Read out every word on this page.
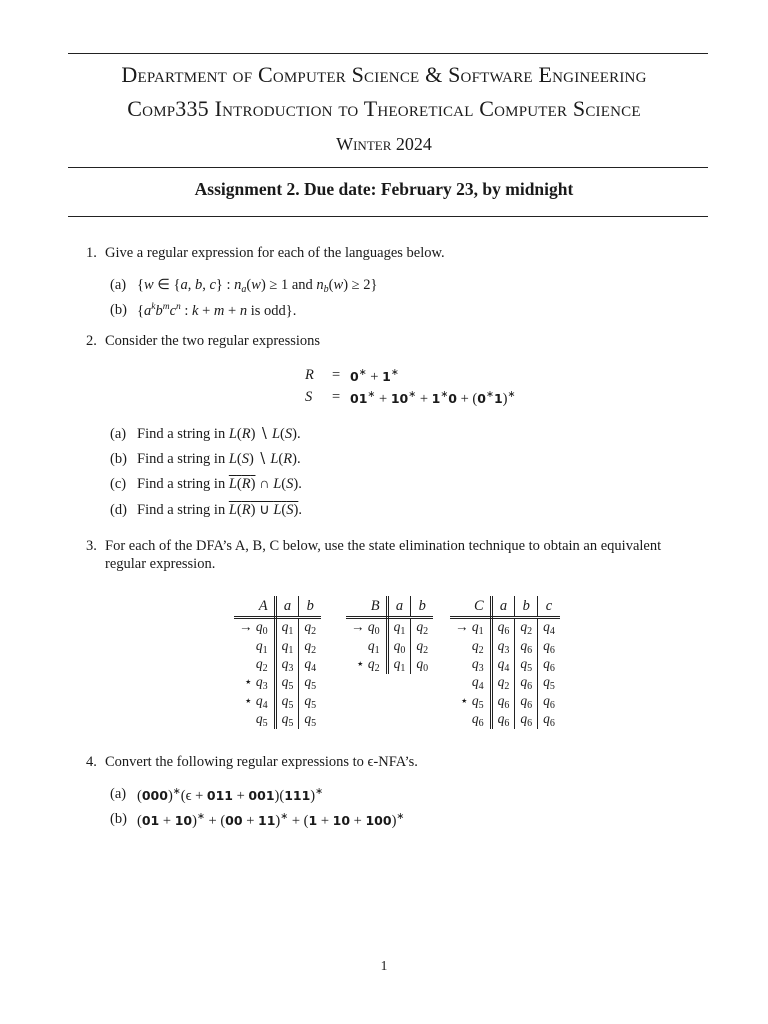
Department of Computer Science & Software Engineering
Comp335 Introduction to Theoretical Computer Science
Winter 2024
Assignment 2. Due date: February 23, by midnight
1. Give a regular expression for each of the languages below.
(a) {w ∈ {a, b, c} : $n_a(w) \ge 1$ and $n_b(w) \ge 2$}
(b) {$a^kb^mc^n$ : k + m + n is odd}.
2. Consider the two regular expressions
R = 0∗ + 1∗
S = 01∗ + 10∗ + 1∗0 + (0∗1)∗
(a) Find a string in L(R) ∖ L(S).
(b) Find a string in L(S) ∖ L(R).
(c) Find a string in L(R) ∩ L(S).
(d) Find a string in L(R) ∪ L(S).
3. For each of the DFA’s A, B, C below, use the state elimination technique to obtain an equivalent
regular expression.
A	a	b
→ $q_0$	$q_1$	$q_2$
$q_1$	$q_1$	$q_2$
$q_2$	$q_3$	$q_4$
⋆ $q_3$	$q_5$	$q_5$
⋆ $q_4$	$q_5$	$q_5$
$q_5$	$q_5$	$q_5$
B	a	b
→ $q_0$	$q_1$	$q_2$
$q_1$	$q_0$	$q_2$
⋆ $q_2$	$q_1$	$q_0$
C	a	b	c
→ $q_1$	$q_6$	$q_2$	$q_4$
$q_2$	$q_3$	$q_6$	$q_6$
$q_3$	$q_4$	$q_5$	$q_6$
$q_4$	$q_2$	$q_6$	$q_5$
⋆ $q_5$	$q_6$	$q_6$	$q_6$
$q_6$	$q_6$	$q_6$	$q_6$
4. Convert the following regular expressions to ϵ-NFA’s.
(a) (000)∗(ϵ + 011 + 001)(111)∗
(b) (01 + 10)∗ + (00 + 11)∗ + (1 + 10 + 100)∗
1
